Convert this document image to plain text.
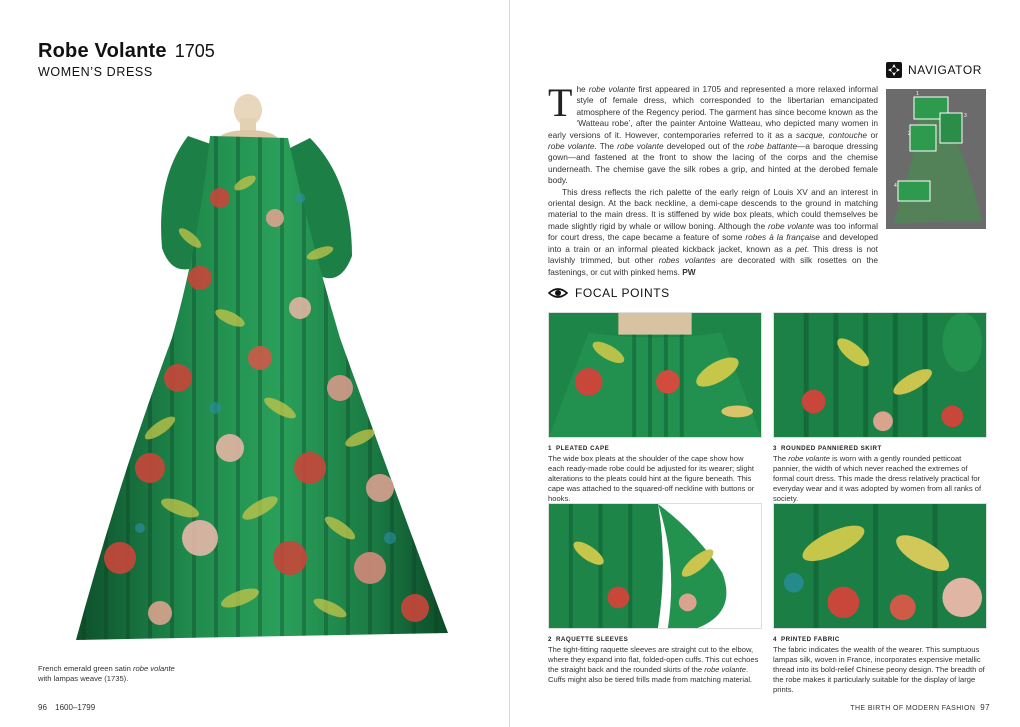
Robe Volante 1705
WOMEN’S DRESS
French emerald green satin robe volante with lampas weave (1735).
96 1600–1799

The robe volante first appeared in 1705 and represented a more relaxed informal style of female dress, which corresponded to the libertarian emancipated atmosphere of the Regency period. The garment has since become known as the ‘Watteau robe’, after the painter Antoine Watteau, who depicted many women in early versions of it. However, contemporaries referred to it as a sacque, contouche or robe volante. The robe volante developed out of the robe battante—a baroque dressing gown—and fastened at the front to show the lacing of the corps and the chemise underneath. The chemise gave the silk robes a grip, and hinted at the derobed female body.

This dress reflects the rich palette of the early reign of Louis XV and an interest in oriental design. At the back neckline, a demi-cape descends to the ground in matching material to the main dress. It is stiffened by wide box pleats, which could themselves be made slightly rigid by whale or willow boning. Although the robe volante was too informal for court dress, the cape became a feature of some robes à la française and developed into a train or an informal pleated kickback jacket, known as a pet. This dress is not lavishly trimmed, but other robes volantes are decorated with silk rosettes on the fastenings, or cut with pinked hems. PW

NAVIGATOR
1
2
3
4
FOCAL POINTS
1 PLEATED CAPE
The wide box pleats at the shoulder of the cape show how each ready-made robe could be adjusted for its wearer; slight alterations to the pleats could hint at the figure beneath. This cape was attached to the squared-off neckline with buttons or hooks.
3 ROUNDED PANNIERED SKIRT
The robe volante is worn with a gently rounded petticoat pannier, the width of which never reached the extremes of formal court dress. This made the dress relatively practical for everyday wear and it was adopted by women from all ranks of society.
2 RAQUETTE SLEEVES
The tight-fitting raquette sleeves are straight cut to the elbow, where they expand into flat, folded-open cuffs. This cut echoes the straight back and the rounded skirts of the robe volante. Cuffs might also be tiered frills made from matching material.
4 PRINTED FABRIC
The fabric indicates the wealth of the wearer. This sumptuous lampas silk, woven in France, incorporates expensive metallic thread into its bold-relief Chinese peony design. The breadth of the robe makes it particularly suitable for the display of large prints.
THE BIRTH OF MODERN FASHION 97
